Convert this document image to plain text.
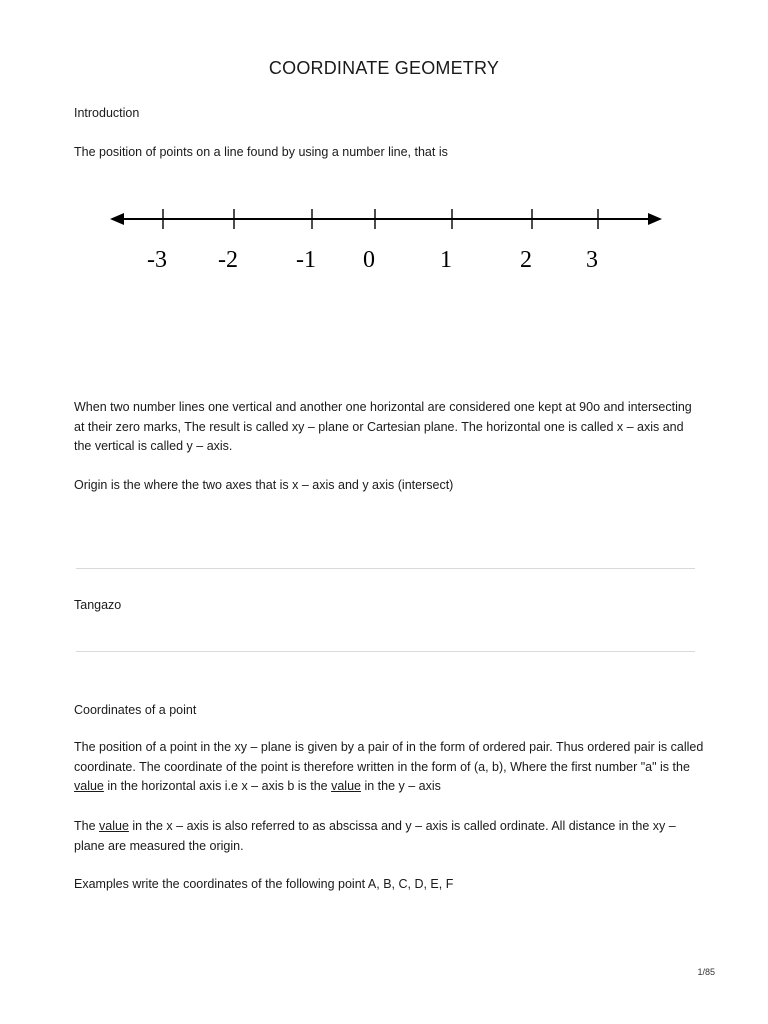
COORDINATE GEOMETRY

Introduction

The position of points on a line found by using a number line, that is

-3 -2 -1 0	1	2 3

When two number lines one vertical and another one horizontal are considered one kept at 90o and intersecting at their zero marks, The result is called xy – plane or Cartesian plane. The horizontal one is called x – axis and the vertical is called y – axis.

Origin is the where the two axes that is x – axis and y axis (intersect)

Tangazo

Coordinates of a point

The position of a point in the xy – plane is given by a pair of in the form of ordered pair. Thus ordered pair is called coordinate. The coordinate of the point is therefore written in the form of (a, b), Where the first number "a" is the value in the horizontal axis i.e x – axis b is the value in the y – axis

The value in the x – axis is also referred to as abscissa and y – axis is called ordinate. All distance in the xy – plane are measured the origin.

Examples write the coordinates of the following point A, B, C, D, E, F

1/85
